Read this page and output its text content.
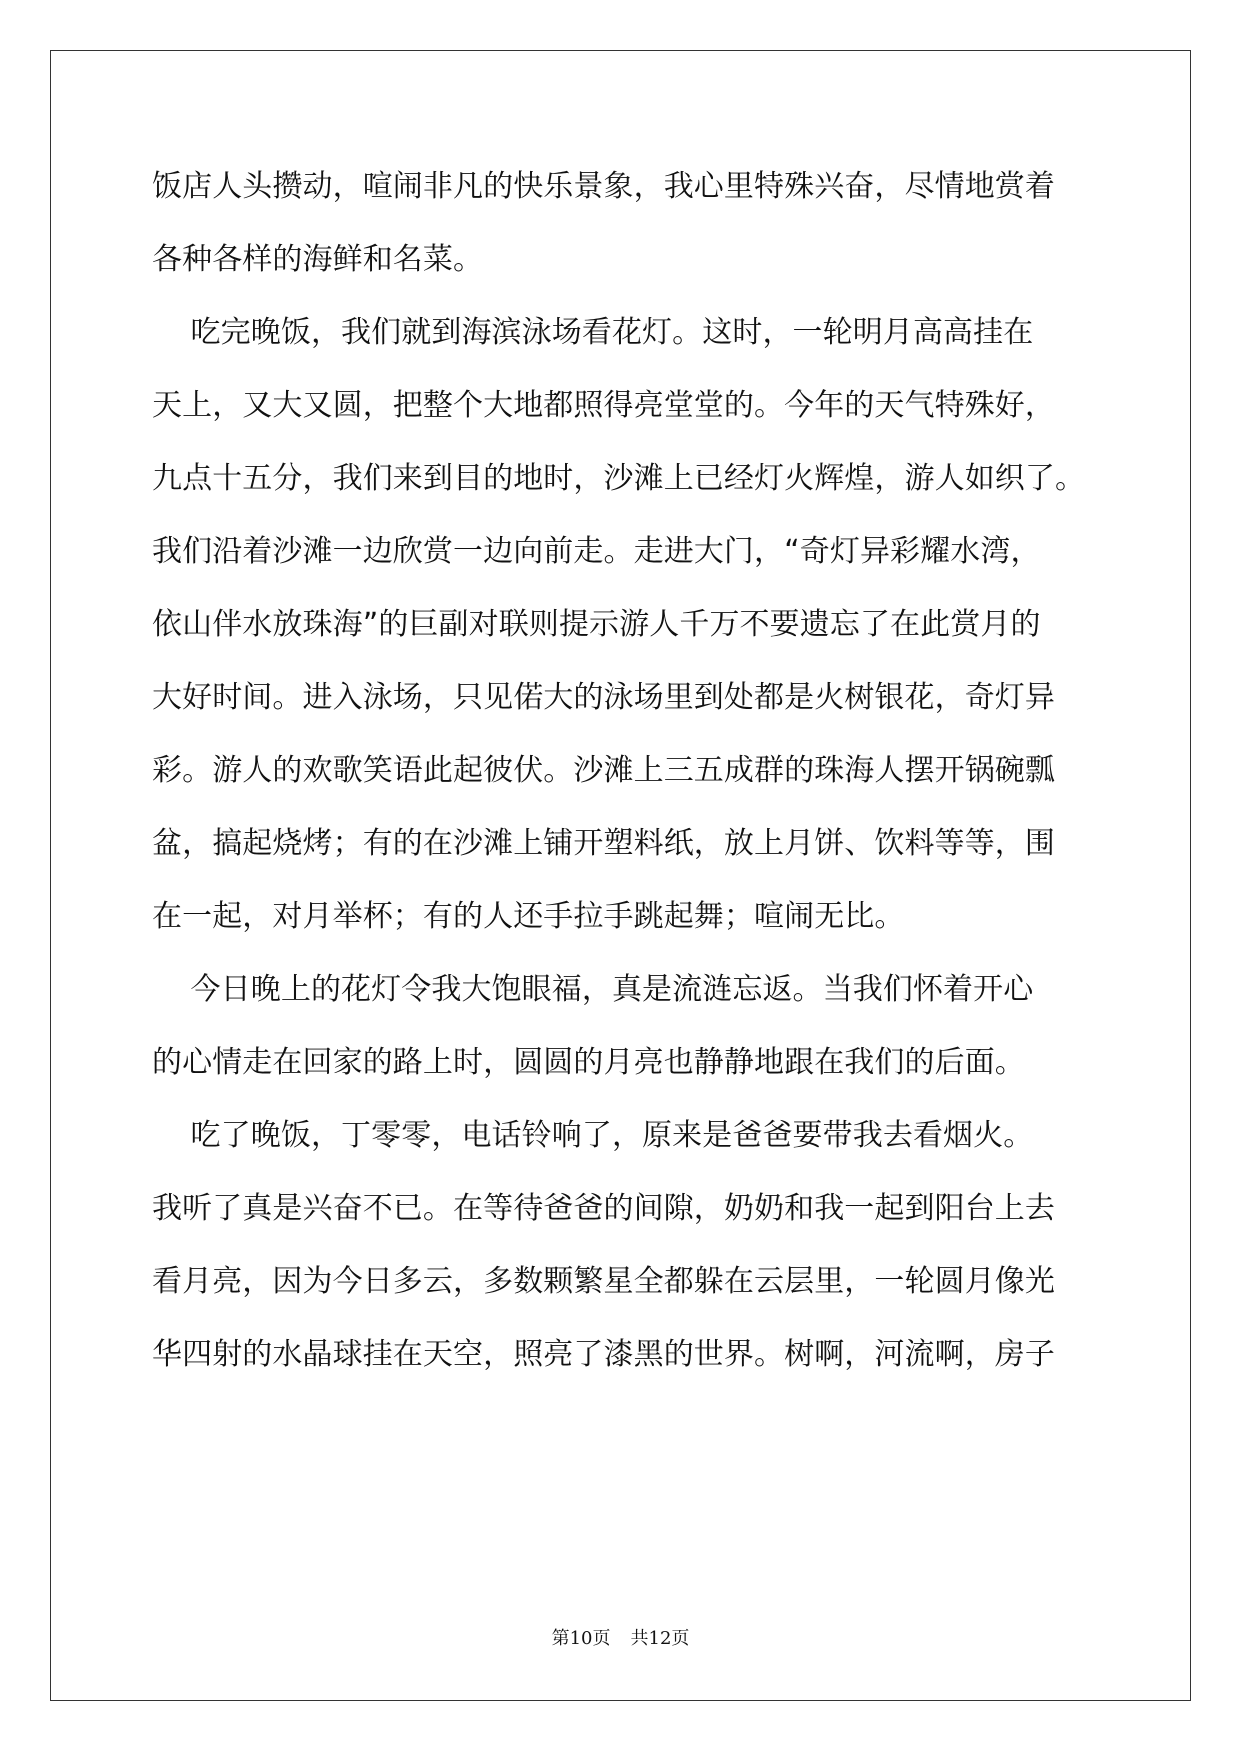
饭店人头攒动，喧闹非凡的快乐景象，我心里特殊兴奋，尽情地赏着
各种各样的海鲜和名菜。
吃完晚饭，我们就到海滨泳场看花灯。这时，一轮明月高高挂在
天上，又大又圆，把整个大地都照得亮堂堂的。今年的天气特殊好，
九点十五分，我们来到目的地时，沙滩上已经灯火辉煌，游人如织了。
我们沿着沙滩一边欣赏一边向前走。走进大门，“奇灯异彩耀水湾，
依山伴水放珠海”的巨副对联则提示游人千万不要遗忘了在此赏月的
大好时间。进入泳场，只见偌大的泳场里到处都是火树银花，奇灯异
彩。游人的欢歌笑语此起彼伏。沙滩上三五成群的珠海人摆开锅碗瓢
盆，搞起烧烤；有的在沙滩上铺开塑料纸，放上月饼、饮料等等，围
在一起，对月举杯；有的人还手拉手跳起舞；喧闹无比。
今日晚上的花灯令我大饱眼福，真是流涟忘返。当我们怀着开心
的心情走在回家的路上时，圆圆的月亮也静静地跟在我们的后面。
吃了晚饭，丁零零，电话铃响了，原来是爸爸要带我去看烟火。
我听了真是兴奋不已。在等待爸爸的间隙，奶奶和我一起到阳台上去
看月亮，因为今日多云，多数颗繁星全都躲在云层里，一轮圆月像光
华四射的水晶球挂在天空，照亮了漆黑的世界。树啊，河流啊，房子
第10页 共12页
